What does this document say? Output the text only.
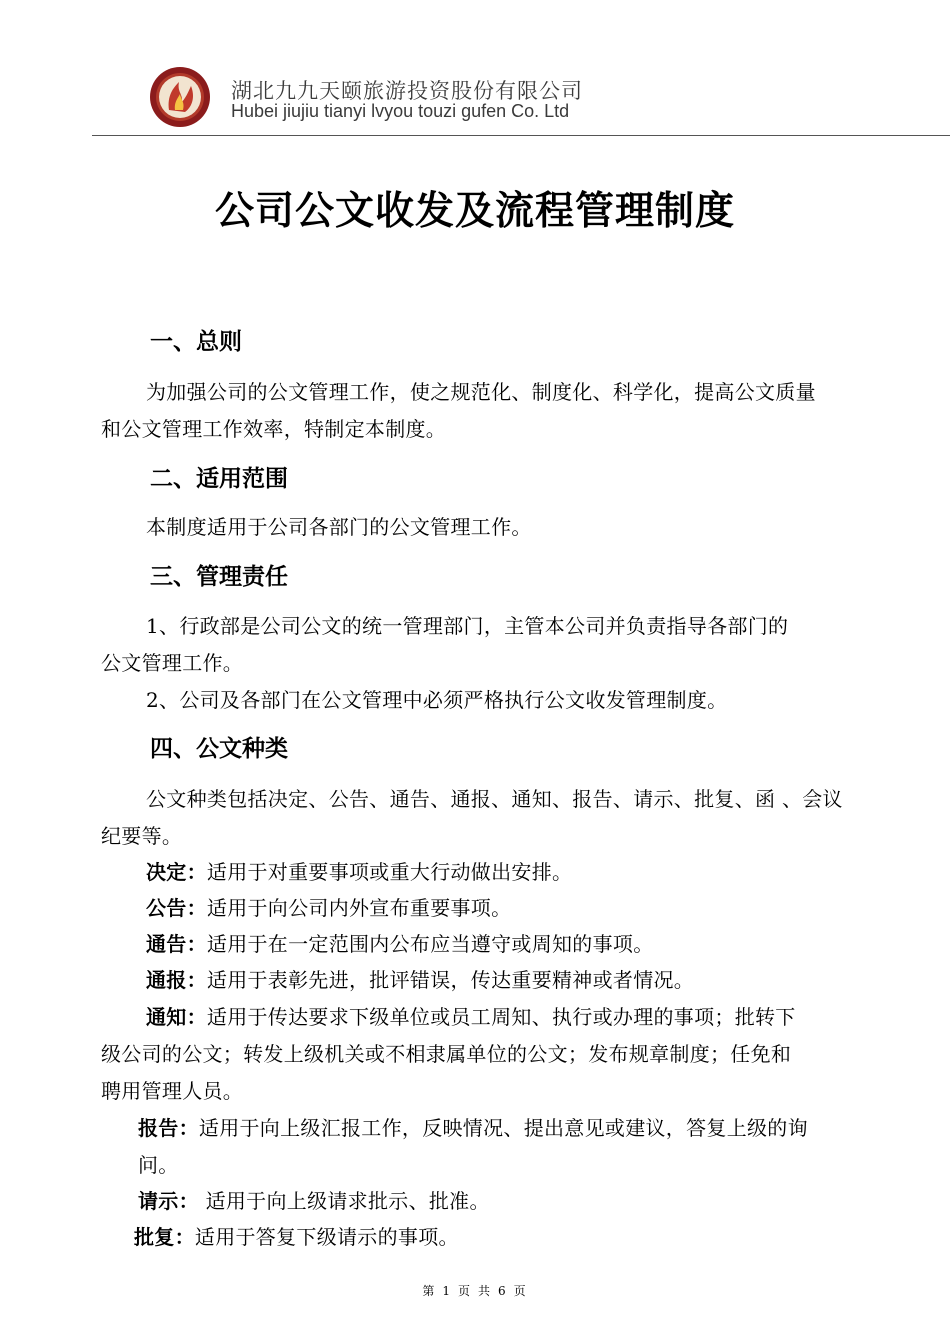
湖北九九天颐旅游投资股份有限公司
Hubei jiujiu tianyi lvyou touzi gufen Co. Ltd
公司公文收发及流程管理制度
一、总则
为加强公司的公文管理工作，使之规范化、制度化、科学化，提高公文质量
和公文管理工作效率，特制定本制度。
二、适用范围
本制度适用于公司各部门的公文管理工作。
三、管理责任
1、行政部是公司公文的统一管理部门，主管本公司并负责指导各部门的
公文管理工作。
2、公司及各部门在公文管理中必须严格执行公文收发管理制度。
四、公文种类
公文种类包括决定、公告、通告、通报、通知、报告、请示、批复、函 、会议
纪要等。
决定：适用于对重要事项或重大行动做出安排。
公告：适用于向公司内外宣布重要事项。
通告：适用于在一定范围内公布应当遵守或周知的事项。
通报：适用于表彰先进，批评错误，传达重要精神或者情况。
通知：适用于传达要求下级单位或员工周知、执行或办理的事项；批转下
级公司的公文；转发上级机关或不相隶属单位的公文；发布规章制度；任免和
聘用管理人员。
报告：适用于向上级汇报工作，反映情况、提出意见或建议，答复上级的询
问。
请示： 适用于向上级请求批示、批准。
批复：适用于答复下级请示的事项。
第 1 页 共 6 页
